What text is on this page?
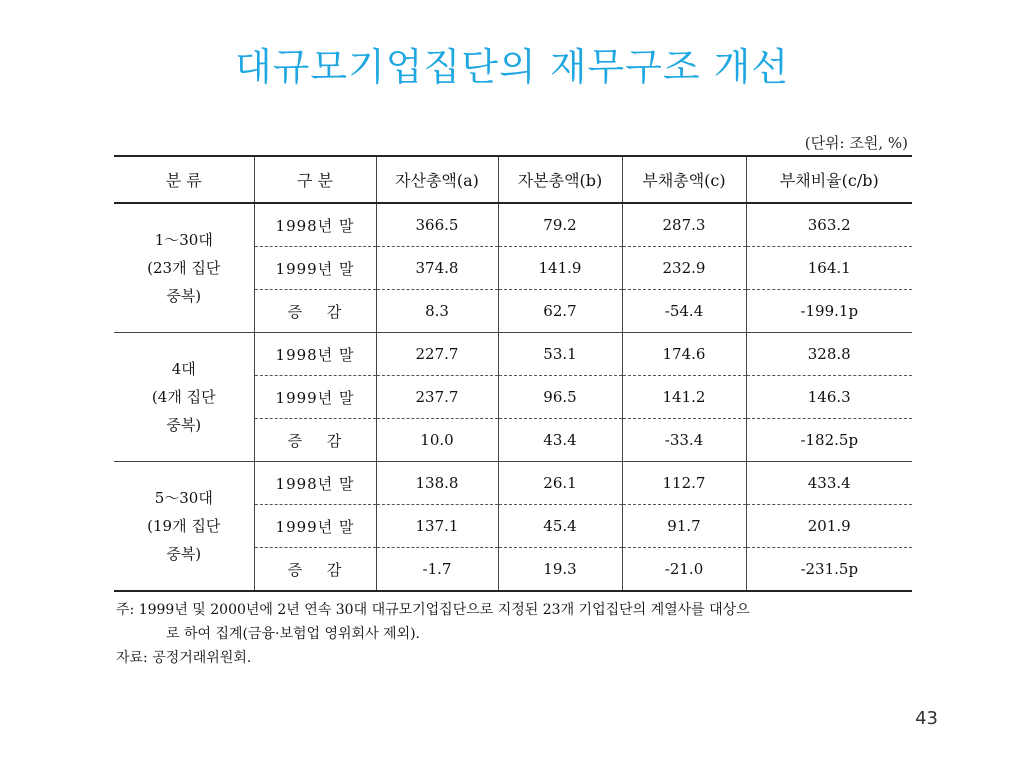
대규모기업집단의 재무구조 개선
(단위: 조원, %)
분 류	구 분	자산총액(a)	자본총액(b)	부채총액(c)	부채비율(c/b)

1～30대
(23개 집단
중복)	1998년 말	366.5	79.2	287.3	363.2
	1999년 말	374.8	141.9	232.9	164.1
	증 감	8.3	62.7	-54.4	-199.1p

4대
(4개 집단
중복)	1998년 말	227.7	53.1	174.6	328.8
	1999년 말	237.7	96.5	141.2	146.3
	증 감	10.0	43.4	-33.4	-182.5p

5～30대
(19개 집단
중복)	1998년 말	138.8	26.1	112.7	433.4
	1999년 말	137.1	45.4	91.7	201.9
	증 감	-1.7	19.3	-21.0	-231.5p
주: 1999년 및 2000년에 2년 연속 30대 대규모기업집단으로 지정된 23개 기업집단의 계열사를 대상으
로 하여 집계(금융·보험업 영위회사 제외).
자료: 공정거래위원회.
43
